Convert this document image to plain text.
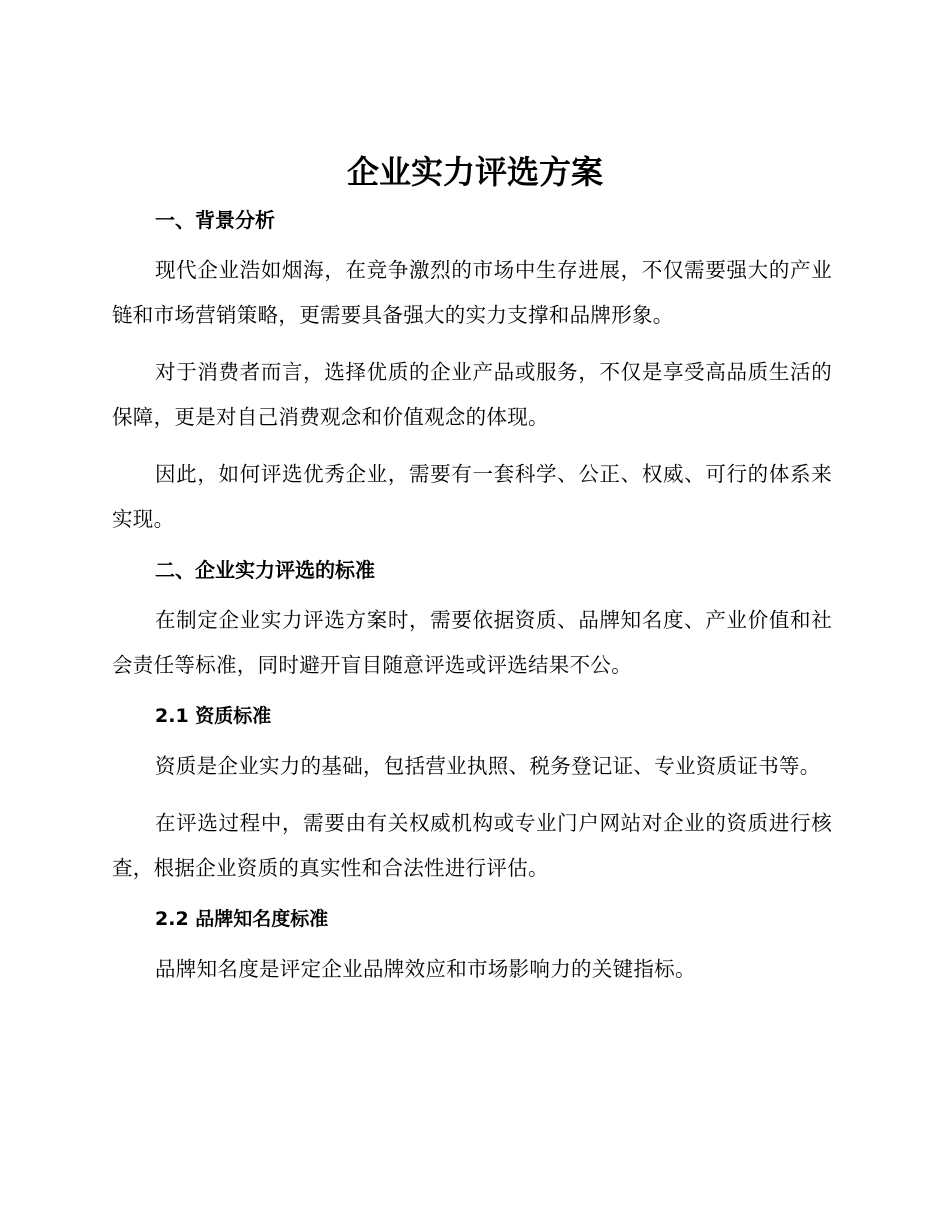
企业实力评选方案
一、背景分析

现代企业浩如烟海，在竞争激烈的市场中生存进展，不仅需要强大的产业链和市场营销策略，更需要具备强大的实力支撑和品牌形象。

对于消费者而言，选择优质的企业产品或服务，不仅是享受高品质生活的保障，更是对自己消费观念和价值观念的体现。

因此，如何评选优秀企业，需要有一套科学、公正、权威、可行的体系来实现。

二、企业实力评选的标准

在制定企业实力评选方案时，需要依据资质、品牌知名度、产业价值和社会责任等标准，同时避开盲目随意评选或评选结果不公。

2.1 资质标准

资质是企业实力的基础，包括营业执照、税务登记证、专业资质证书等。

在评选过程中，需要由有关权威机构或专业门户网站对企业的资质进行核查，根据企业资质的真实性和合法性进行评估。

2.2 品牌知名度标准

品牌知名度是评定企业品牌效应和市场影响力的关键指标。
